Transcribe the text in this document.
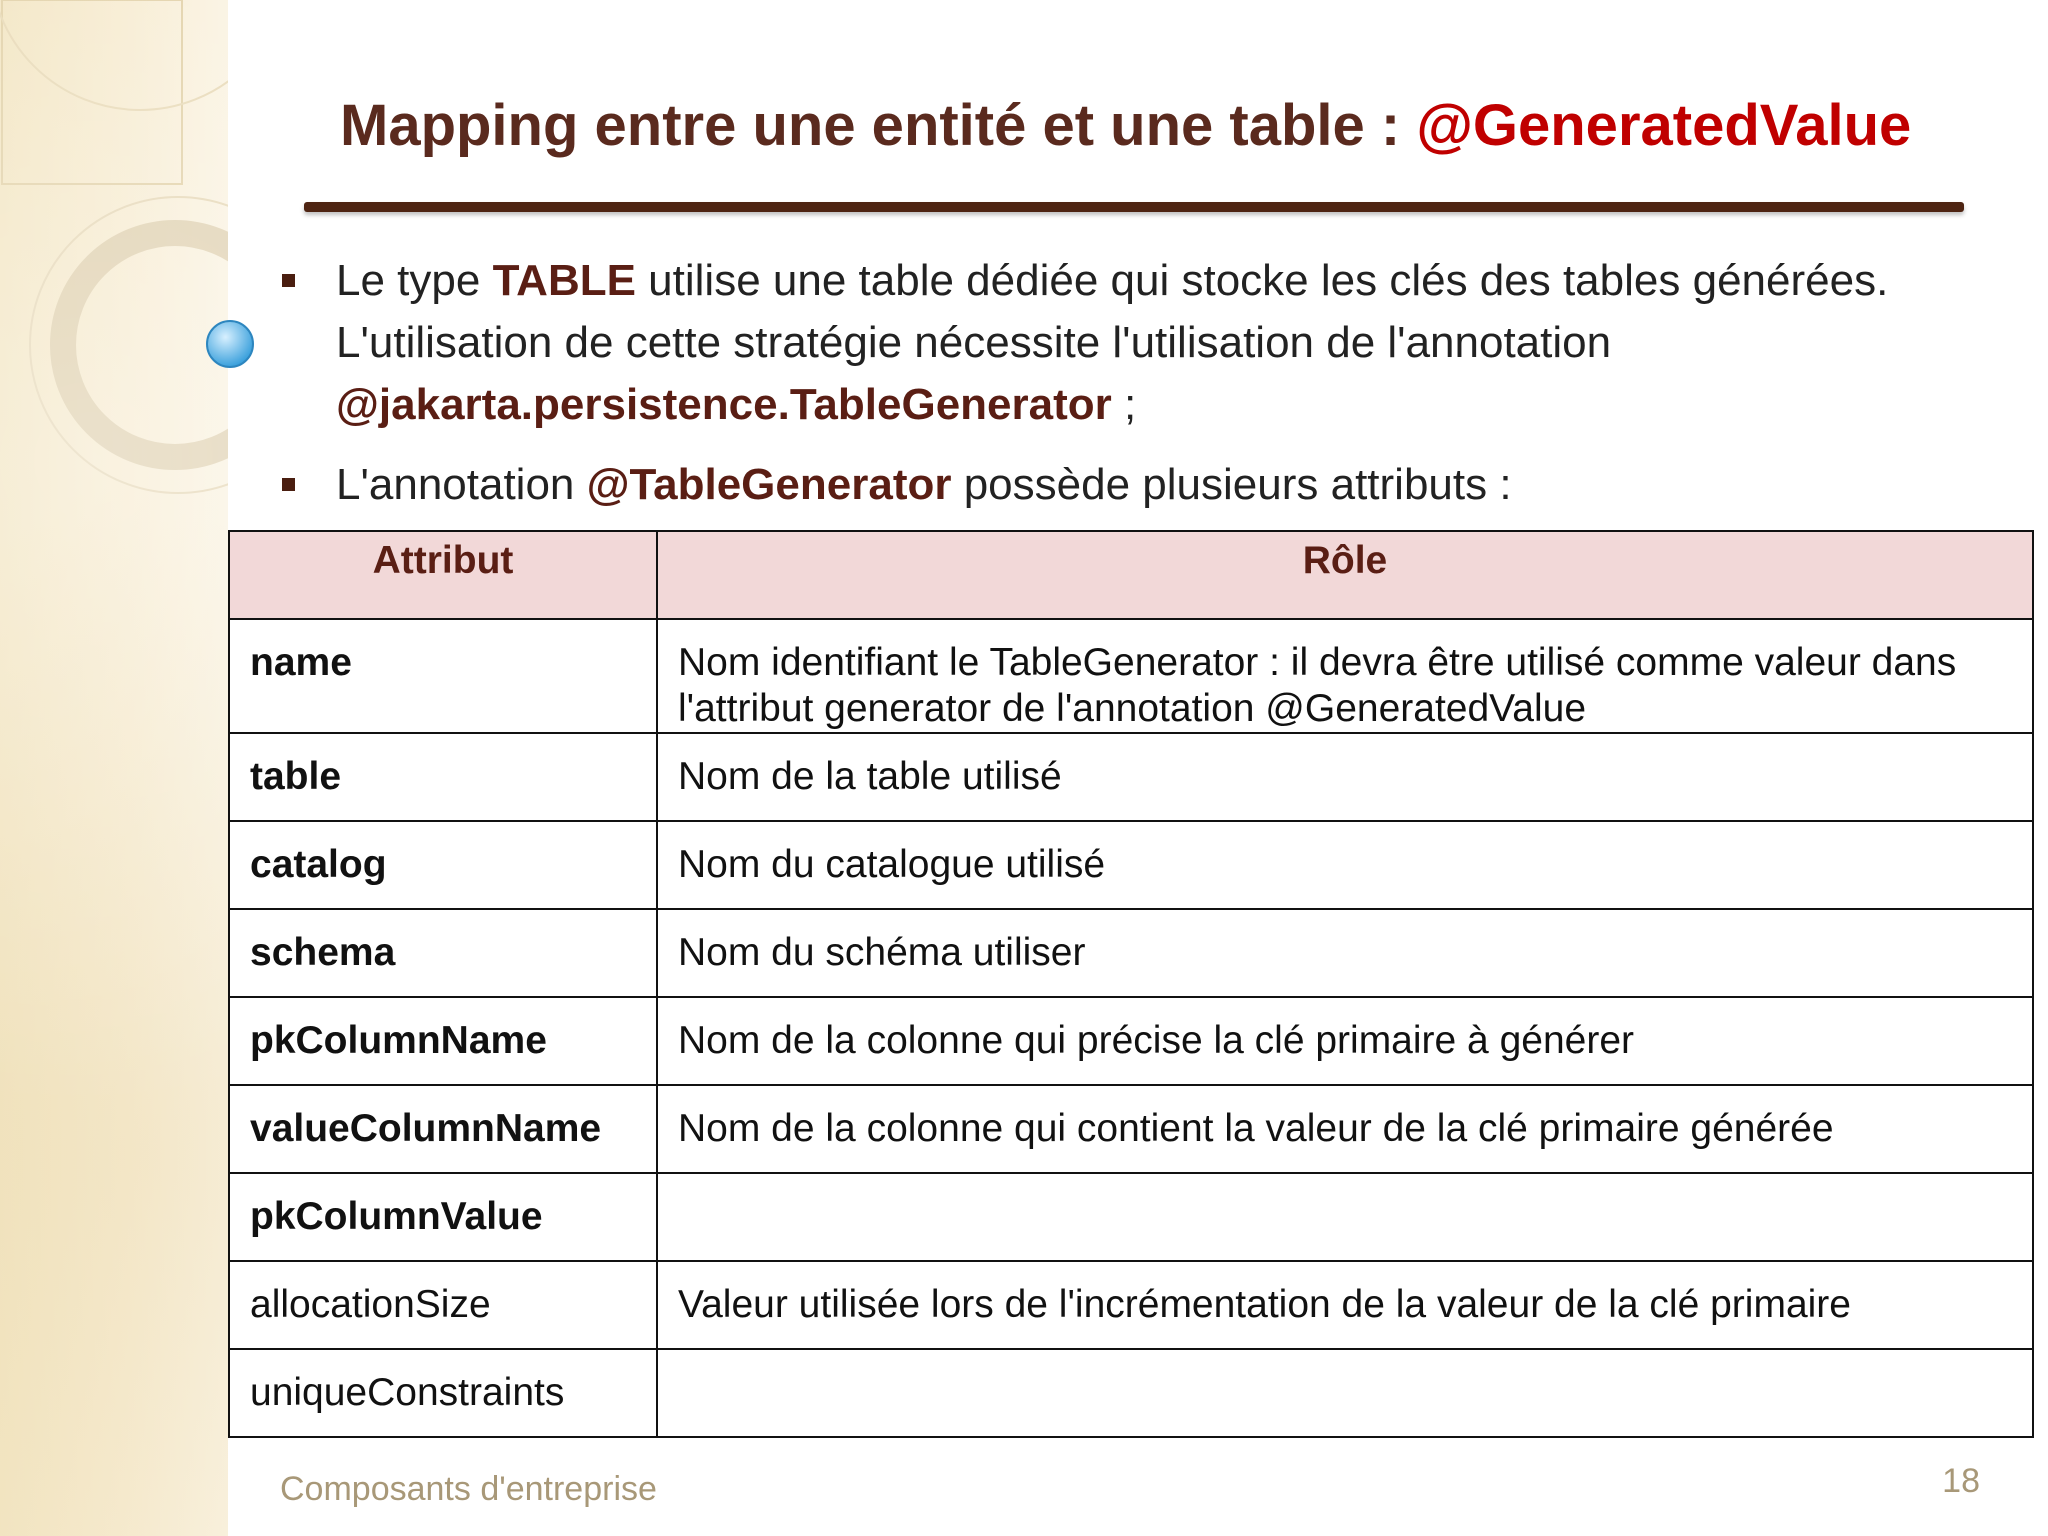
Mapping entre une entité et une table : @GeneratedValue
Le type TABLE utilise une table dédiée qui stocke les clés des tables générées. L'utilisation de cette stratégie nécessite l'utilisation de l'annotation @jakarta.persistence.TableGenerator ;
L'annotation @TableGenerator possède plusieurs attributs :
Attribut	Rôle
name	Nom identifiant le TableGenerator : il devra être utilisé comme valeur dans l'attribut generator de l'annotation @GeneratedValue
table	Nom de la table utilisé
catalog	Nom du catalogue utilisé
schema	Nom du schéma utiliser
pkColumnName	Nom de la colonne qui précise la clé primaire à générer
valueColumnName	Nom de la colonne qui contient la valeur de la clé primaire générée
pkColumnValue	
allocationSize	Valeur utilisée lors de l'incrémentation de la valeur de la clé primaire
uniqueConstraints	
Composants d'entreprise	18
